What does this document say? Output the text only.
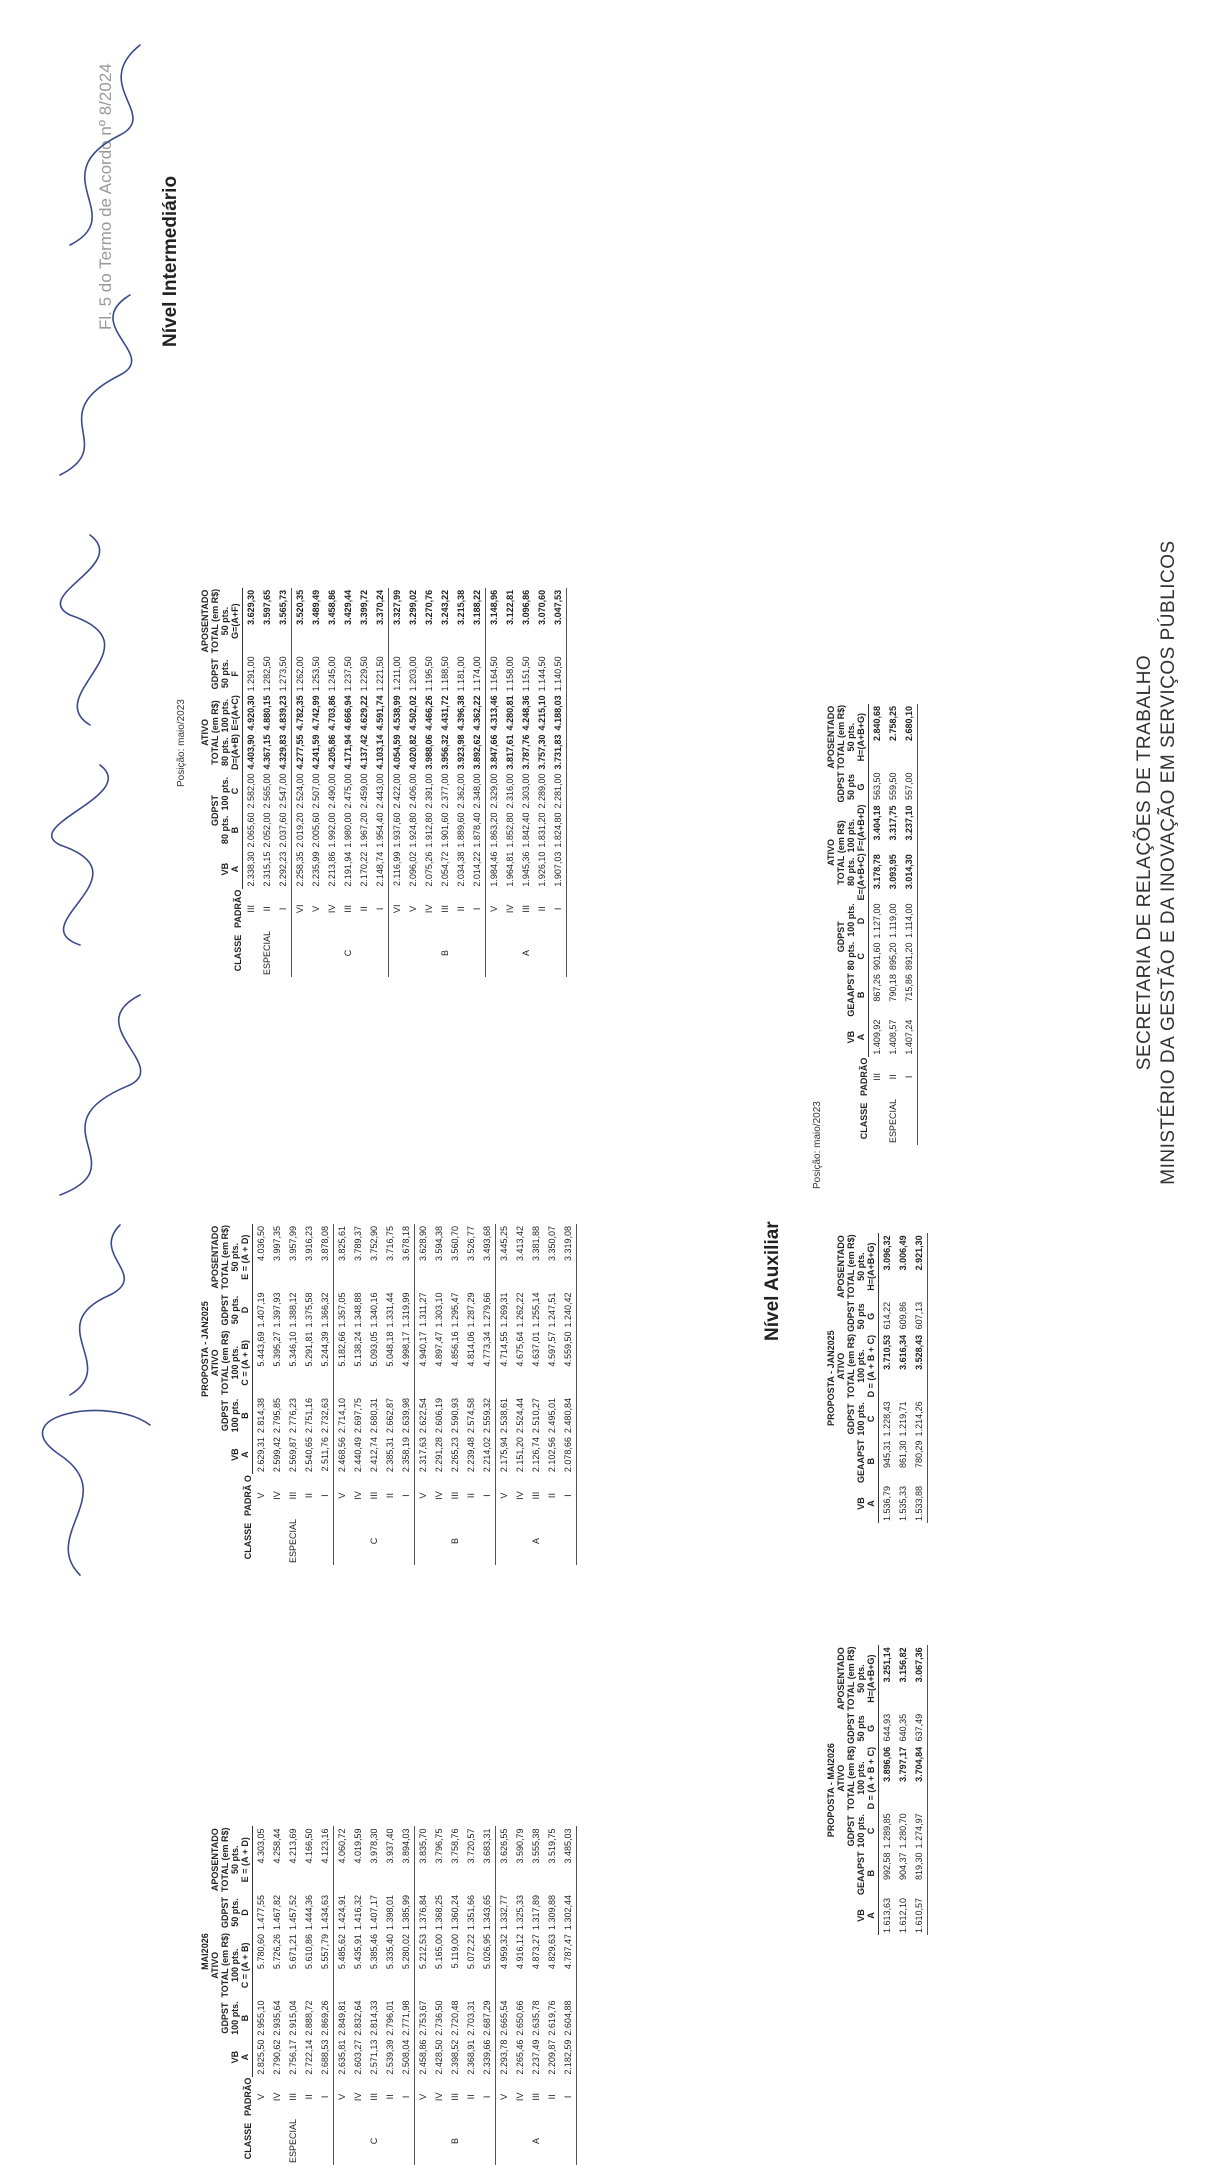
MINISTÉRIO DA GESTÃO E DA INOVAÇÃO EM SERVIÇOS PÚBLICOS
SECRETARIA DE RELAÇÕES DE TRABALHO
Fl. 5 do Termo de Acordo nº 8/2024 Nível Intermediário
Nível Auxiliar
Posição: maio/2023
Posição: maio/2023
CLASSE	PADRÃO	VB	GDPST
80 pts.  100 pts.		ATIVO
TOTAL (em R$)
80 pts.  100 pts.		GDPST
50 pts.	APOSENTADO
TOTAL (em R$)
50 pts.

		A	B	C	D=(A+B)	E=(A+C)	F	G=(A+F)
	III	2.338,30	2.065,60	2.582,00	4.403,90	4.920,30	1.291,00	3.629,30
ESPECIAL	II	2.315,15	2.052,00	2.565,00	4.367,15	4.880,15	1.282,50	3.597,65
	I	2.292,23	2.037,60	2.547,00	4.329,83	4.839,23	1.273,50	3.565,73
	VI	2.258,35	2.019,20	2.524,00	4.277,55	4.782,35	1.262,00	3.520,35
	V	2.235,99	2.005,60	2.507,00	4.241,59	4.742,99	1.253,50	3.489,49
	IV	2.213,86	1.992,00	2.490,00	4.205,86	4.703,86	1.245,00	3.458,86
C	III	2.191,94	1.980,00	2.475,00	4.171,94	4.666,94	1.237,50	3.429,44
	II	2.170,22	1.967,20	2.459,00	4.137,42	4.629,22	1.229,50	3.399,72
	I	2.148,74	1.954,40	2.443,00	4.103,14	4.591,74	1.221,50	3.370,24
	VI	2.116,99	1.937,60	2.422,00	4.054,59	4.538,99	1.211,00	3.327,99
	V	2.096,02	1.924,80	2.406,00	4.020,82	4.502,02	1.203,00	3.299,02
	IV	2.075,26	1.912,80	2.391,00	3.988,06	4.466,26	1.195,50	3.270,76
B	III	2.054,72	1.901,60	2.377,00	3.956,32	4.431,72	1.188,50	3.243,22
	II	2.034,38	1.889,60	2.362,00	3.923,98	4.396,38	1.181,00	3.215,38
	I	2.014,22	1.878,40	2.348,00	3.892,62	4.362,22	1.174,00	3.188,22
	V	1.984,46	1.863,20	2.329,00	3.847,66	4.313,46	1.164,50	3.148,96
	IV	1.964,81	1.852,80	2.316,00	3.817,61	4.280,81	1.158,00	3.122,81
A	III	1.945,36	1.842,40	2.303,00	3.787,76	4.248,36	1.151,50	3.096,86
	II	1.926,10	1.831,20	2.289,00	3.757,30	4.215,10	1.144,50	3.070,60
	I	1.907,03	1.824,80	2.281,00	3.731,83	4.188,03	1.140,50	3.047,53
CLASSE	PADRÃ O	PROPOSTA - JAN2025				
		VB	GDPST
100 pts.	ATIVO
TOTAL (em R$)
100 pts.	GDPST
50 pts.	APOSENTADO
TOTAL (em R$)
50 pts.
		A	B	C = (A + B)	D	E = (A + D)
	V	2.629,31	2.814,38	5.443,69	1.407,19	4.036,50
	IV	2.599,42	2.795,85	5.395,27	1.397,93	3.997,35
ESPECIAL	III	2.569,87	2.776,23	5.346,10	1.388,12	3.957,99
	II	2.540,65	2.751,16	5.291,81	1.375,58	3.916,23
	I	2.511,76	2.732,63	5.244,39	1.366,32	3.878,08
	V	2.468,56	2.714,10	5.182,66	1.357,05	3.825,61
	IV	2.440,49	2.697,75	5.138,24	1.348,88	3.789,37
C	III	2.412,74	2.680,31	5.093,05	1.340,16	3.752,90
	II	2.385,31	2.662,87	5.048,18	1.331,44	3.716,75
	I	2.358,19	2.639,98	4.998,17	1.319,99	3.678,18
	V	2.317,63	2.622,54	4.940,17	1.311,27	3.628,90
	IV	2.291,28	2.606,19	4.897,47	1.303,10	3.594,38
B	III	2.265,23	2.590,93	4.856,16	1.295,47	3.560,70
	II	2.239,48	2.574,58	4.814,06	1.287,29	3.526,77
	I	2.214,02	2.559,32	4.773,34	1.279,66	3.493,68
	V	2.175,94	2.538,61	4.714,55	1.269,31	3.445,25
	IV	2.151,20	2.524,44	4.675,64	1.262,22	3.413,42
A	III	2.126,74	2.510,27	4.637,01	1.255,14	3.381,88
	II	2.102,56	2.495,01	4.597,57	1.247,51	3.350,07
	I	2.078,66	2.480,84	4.559,50	1.240,42	3.319,08
CLASSE	PADRÃO	MAI2026				
		VB	GDPST
100 pts.	ATIVO
TOTAL (em R$)
100 pts.	GDPST
50 pts.	APOSENTADO
TOTAL (em R$)
50 pts.
		A	B	C = (A + B)	D	E = (A + D)
	V	2.825,50	2.955,10	5.780,60	1.477,55	4.303,05
	IV	2.790,62	2.935,64	5.726,26	1.467,82	4.258,44
ESPECIAL	III	2.756,17	2.915,04	5.671,21	1.457,52	4.213,69
	II	2.722,14	2.888,72	5.610,86	1.444,36	4.166,50
	I	2.688,53	2.869,26	5.557,79	1.434,63	4.123,16
	V	2.635,81	2.849,81	5.485,62	1.424,91	4.060,72
	IV	2.603,27	2.832,64	5.435,91	1.416,32	4.019,59
C	III	2.571,13	2.814,33	5.385,46	1.407,17	3.978,30
	II	2.539,39	2.796,01	5.335,40	1.398,01	3.937,40
	I	2.508,04	2.771,98	5.280,02	1.385,99	3.894,03
	V	2.458,86	2.753,67	5.212,53	1.376,84	3.835,70
	IV	2.428,50	2.736,50	5.165,00	1.368,25	3.796,75
B	III	2.398,52	2.720,48	5.119,00	1.360,24	3.758,76
	II	2.368,91	2.703,31	5.072,22	1.351,66	3.720,57
	I	2.339,66	2.687,29	5.026,95	1.343,65	3.683,31
	V	2.293,78	2.665,54	4.959,32	1.332,77	3.626,55
	IV	2.265,46	2.650,66	4.916,12	1.325,33	3.590,79
A	III	2.237,49	2.635,78	4.873,27	1.317,89	3.555,38
	II	2.209,87	2.619,76	4.829,63	1.309,88	3.519,75
	I	2.182,59	2.604,88	4.787,47	1.302,44	3.485,03
CLASSE	PADRÃO	VB	GEAAPST	GDPST
80 pts.  100 pts.		ATIVO
TOTAL (em R$)
80 pts.  100 pts.		GDPST
50 pts	APOSENTADO
TOTAL (em R$)
50 pts.

		A	B	C	D	E=(A+B+C)	F=(A+B+D)	G	H=(A+B+G)
	III	1.409,92	867,26	901,60	1.127,00	3.178,78	3.404,18	563,50	2.840,68
ESPECIAL	II	1.408,57	790,18	895,20	1.119,00	3.093,95	3.317,75	559,50	2.758,25
	I	1.407,24	715,86	891,20	1.114,00	3.014,30	3.237,10	557,00	2.680,10
PROPOSTA - JAN2025					
VB	GEAAPST	GDPST
100 pts.	ATIVO
TOTAL (em R$)
100 pts.	GDPST
50 pts	APOSENTADO
TOTAL (em R$)
50 pts.
A	B	C	D = (A + B + C)	G	H=(A+B+G)
1.536,79	945,31	1.228,43	3.710,53	614,22	3.096,32
1.535,33	861,30	1.219,71	3.616,34	609,86	3.006,49
1.533,88	780,29	1.214,26	3.528,43	607,13	2.921,30
PROPOSTA - MAI2026					
VB	GEAAPST	GDPST
100 pts.	ATIVO
TOTAL (em R$)
100 pts.	GDPST
50 pts	APOSENTADO
TOTAL (em R$)
50 pts.
A	B	C	D = (A + B + C)	G	H=(A+B+G)
1.613,63	992,58	1.289,85	3.896,06	644,93	3.251,14
1.612,10	904,37	1.280,70	3.797,17	640,35	3.156,82
1.610,57	819,30	1.274,97	3.704,84	637,49	3.067,36
